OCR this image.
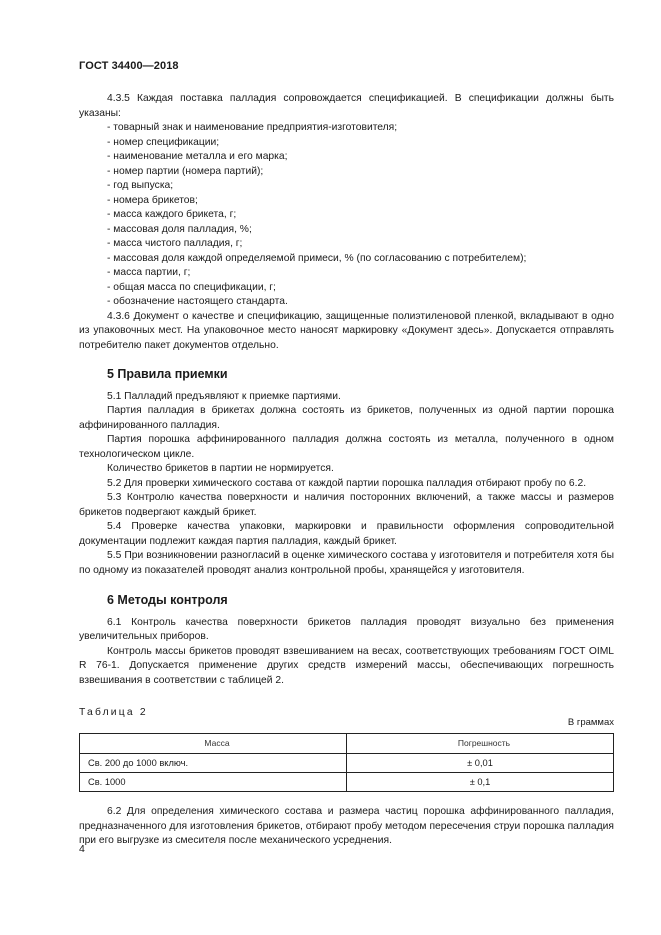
ГОСТ 34400—2018

4.3.5 Каждая поставка палладия сопровождается спецификацией. В спецификации должны быть указаны:

- товарный знак и наименование предприятия-изготовителя;

- номер спецификации;

- наименование металла и его марка;

- номер партии (номера партий);

- год выпуска;

- номера брикетов;

- масса каждого брикета, г;

- массовая доля палладия, %;

- масса чистого палладия, г;

- массовая доля каждой определяемой примеси, % (по согласованию с потребителем);

- масса партии, г;

- общая масса по спецификации, г;

- обозначение настоящего стандарта.

4.3.6 Документ о качестве и спецификацию, защищенные полиэтиленовой пленкой, вкладывают в одно из упаковочных мест. На упаковочное место наносят маркировку «Документ здесь». Допускается отправлять потребителю пакет документов отдельно.

5 Правила приемки

5.1 Палладий предъявляют к приемке партиями.

Партия палладия в брикетах должна состоять из брикетов, полученных из одной партии порошка аффинированного палладия.

Партия порошка аффинированного палладия должна состоять из металла, полученного в одном технологическом цикле.

Количество брикетов в партии не нормируется.

5.2 Для проверки химического состава от каждой партии порошка палладия отбирают пробу по 6.2.

5.3 Контролю качества поверхности и наличия посторонних включений, а также массы и размеров брикетов подвергают каждый брикет.

5.4 Проверке качества упаковки, маркировки и правильности оформления сопроводительной документации подлежит каждая партия палладия, каждый брикет.

5.5 При возникновении разногласий в оценке химического состава у изготовителя и потребителя хотя бы по одному из показателей проводят анализ контрольной пробы, хранящейся у изготовителя.

6 Методы контроля

6.1 Контроль качества поверхности брикетов палладия проводят визуально без применения увеличительных приборов.

Контроль массы брикетов проводят взвешиванием на весах, соответствующих требованиям ГОСТ OIML R 76-1. Допускается применение других средств измерений массы, обеспечивающих погрешность взвешивания в соответствии с таблицей 2.

Таблица 2
В граммах
Масса	Погрешность
Св. 200 до 1000 включ.	± 0,01
Св. 1000	± 0,1

6.2 Для определения химического состава и размера частиц порошка аффинированного палладия, предназначенного для изготовления брикетов, отбирают пробу методом пересечения струи порошка палладия при его выгрузке из смесителя после механического усреднения.

4
